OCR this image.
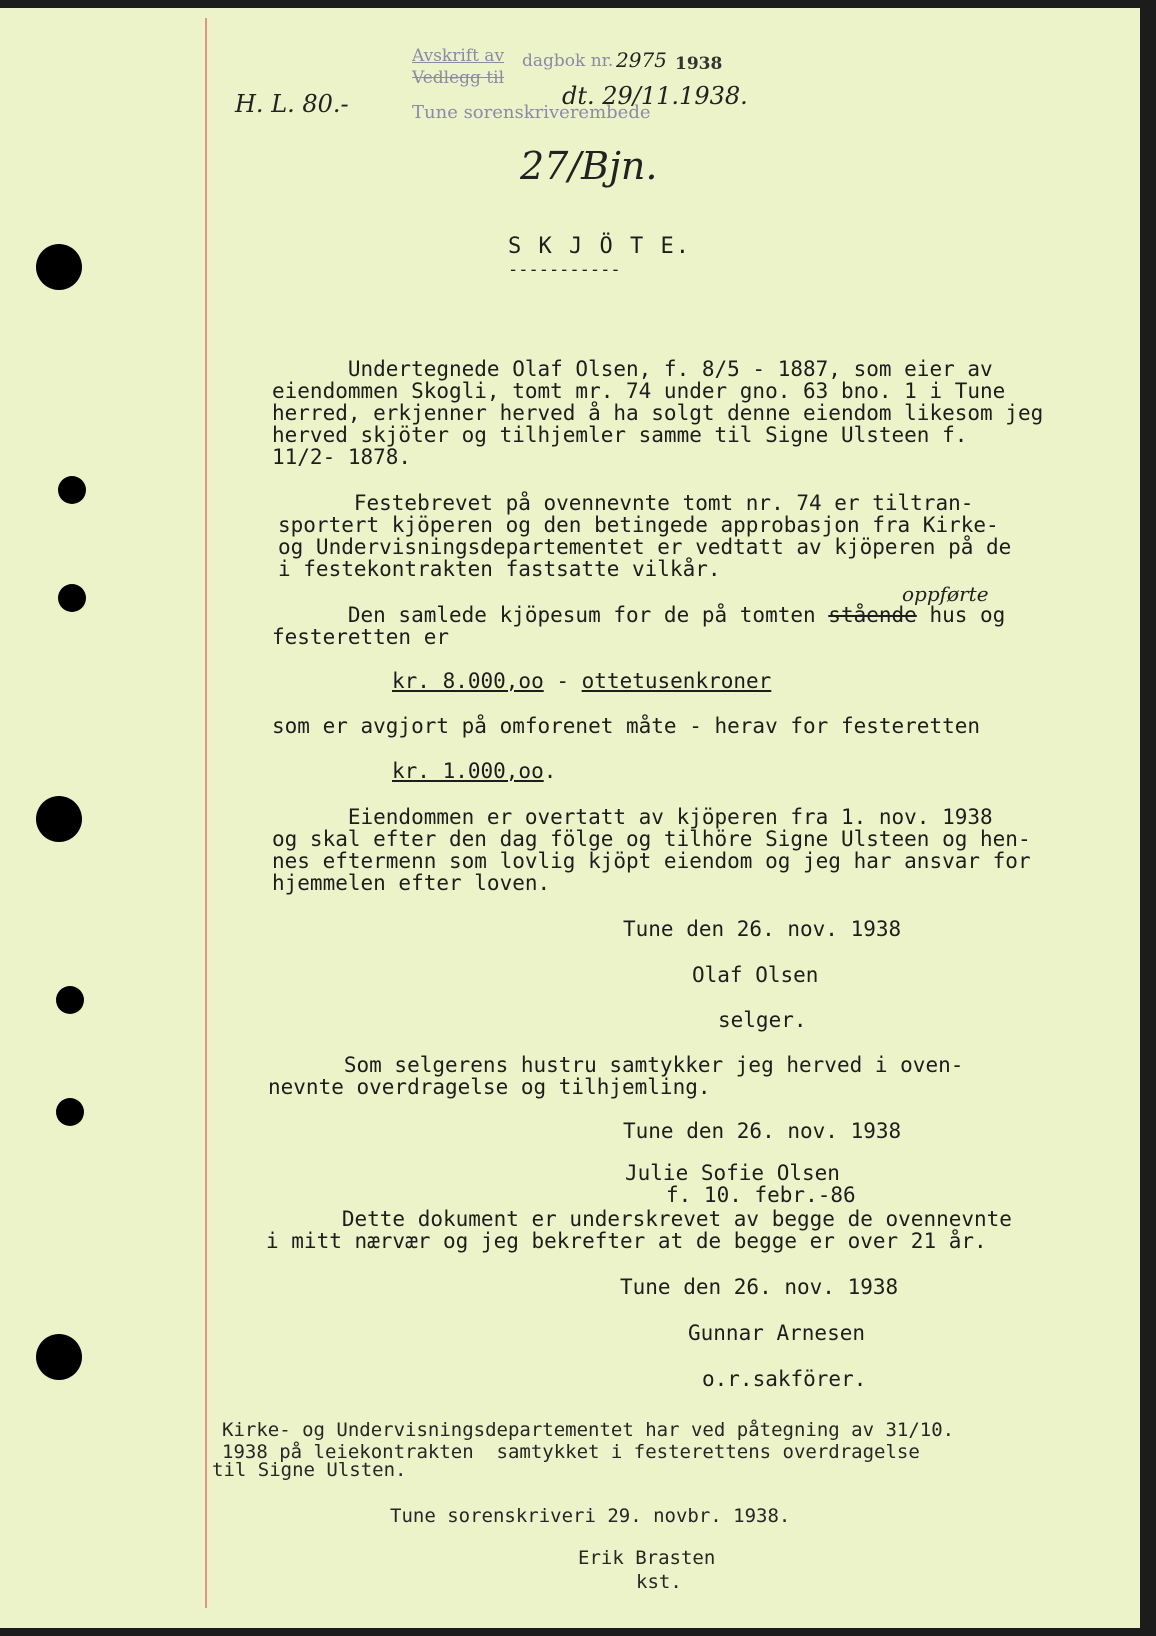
Avskrift av dagbok nr.
Vedlegg til
Tune sorenskriverembede
1938
H. L. 80.-
2975
dt. 29/11.1938.
27/Bjn.
S K J Ö T E.
-----------
Undertegnede Olaf Olsen, f. 8/5 - 1887, som eier av
eiendommen Skogli, tomt mr. 74 under gno. 63 bno. 1 i Tune
herred, erkjenner herved å ha solgt denne eiendom likesom jeg
herved skjöter og tilhjemler samme til Signe Ulsteen f.
11/2- 1878.
Festebrevet på ovennevnte tomt nr. 74 er tiltran-
sportert kjöperen og den betingede approbasjon fra Kirke-
og Undervisningsdepartementet er vedtatt av kjöperen på de
i festekontrakten fastsatte vilkår.
Den samlede kjöpesum for de på tomten stående hus og
oppførte
festeretten er
kr. 8.000,oo - ottetusenkroner
som er avgjort på omforenet måte - herav for festeretten
kr. 1.000,oo.
Eiendommen er overtatt av kjöperen fra 1. nov. 1938
og skal efter den dag fölge og tilhöre Signe Ulsteen og hen-
nes eftermenn som lovlig kjöpt eiendom og jeg har ansvar for
hjemmelen efter loven.
Tune den 26. nov. 1938
Olaf Olsen
selger.
Som selgerens hustru samtykker jeg herved i oven-
nevnte overdragelse og tilhjemling.
Tune den 26. nov. 1938
Julie Sofie Olsen
f. 10. febr.-86
Dette dokument er underskrevet av begge de ovennevnte
i mitt nærvær og jeg bekrefter at de begge er over 21 år.
Tune den 26. nov. 1938
Gunnar Arnesen
o.r.sakförer.
Kirke- og Undervisningsdepartementet har ved påtegning av 31/10.
1938 på leiekontrakten  samtykket i festerettens overdragelse
til Signe Ulsten.
Tune sorenskriveri 29. novbr. 1938.
Erik Brasten
kst.
